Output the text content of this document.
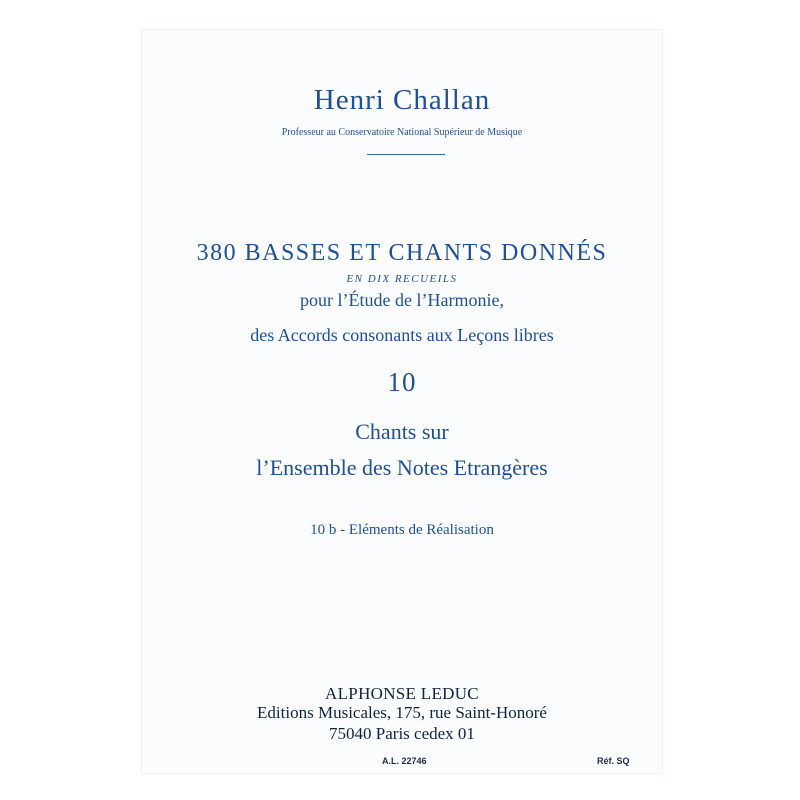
Henri Challan
Professeur au Conservatoire National Supérieur de Musique
380 BASSES ET CHANTS DONNÉS
EN DIX RECUEILS
pour l’Étude de l’Harmonie,
des Accords consonants aux Leçons libres
10
Chants sur
l’Ensemble des Notes Etrangères
10 b - Eléments de Réalisation
ALPHONSE LEDUC
Editions Musicales, 175, rue Saint-Honoré
75040 Paris cedex 01
A.L. 22746	Réf. SQ
